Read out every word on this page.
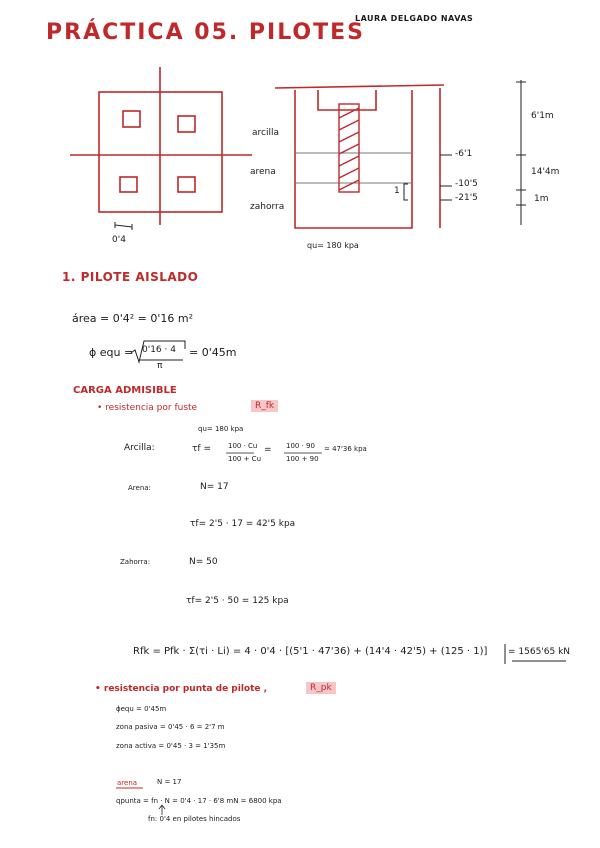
PRÁCTICA 05. PILOTES
LAURA DELGADO NAVAS
0'4
arcilla
arena
zahorra
-6'1
-10'5
-21'5
1
6'1m
14'4m
1m
qu= 180 kpa
1. PILOTE AISLADO
área = 0'4² = 0'16 m²
ϕ equ = 0'16 · 4
π
= 0'45m
CARGA ADMISIBLE
• resistencia por fuste	R_fk
qu= 180 kpa
Arcilla:	τf = 100 · Cu
100 + Cu
= 100 · 90
100 + 90
= 47'36 kpa
Arena:	N= 17
τf= 2'5 · 17 = 42'5 kpa
Zahorra:	N= 50
τf= 2'5 · 50 = 125 kpa
Rfk = Pfk · Σ(τi · Li) = 4 · 0'4 · [(5'1 · 47'36) + (14'4 · 42'5) + (125 · 1)] = 1565'65 kN
• resistencia por punta de pilote ,	R_pk
ϕequ = 0'45m
zona pasiva = 0'45 · 6 = 2'7 m
zona activa = 0'45 · 3 = 1'35m
arena	N = 17
qpunta = fn · N = 0'4 · 17 · 6'8 mN = 6800 kpa
fn: 0'4 en pilotes hincados
